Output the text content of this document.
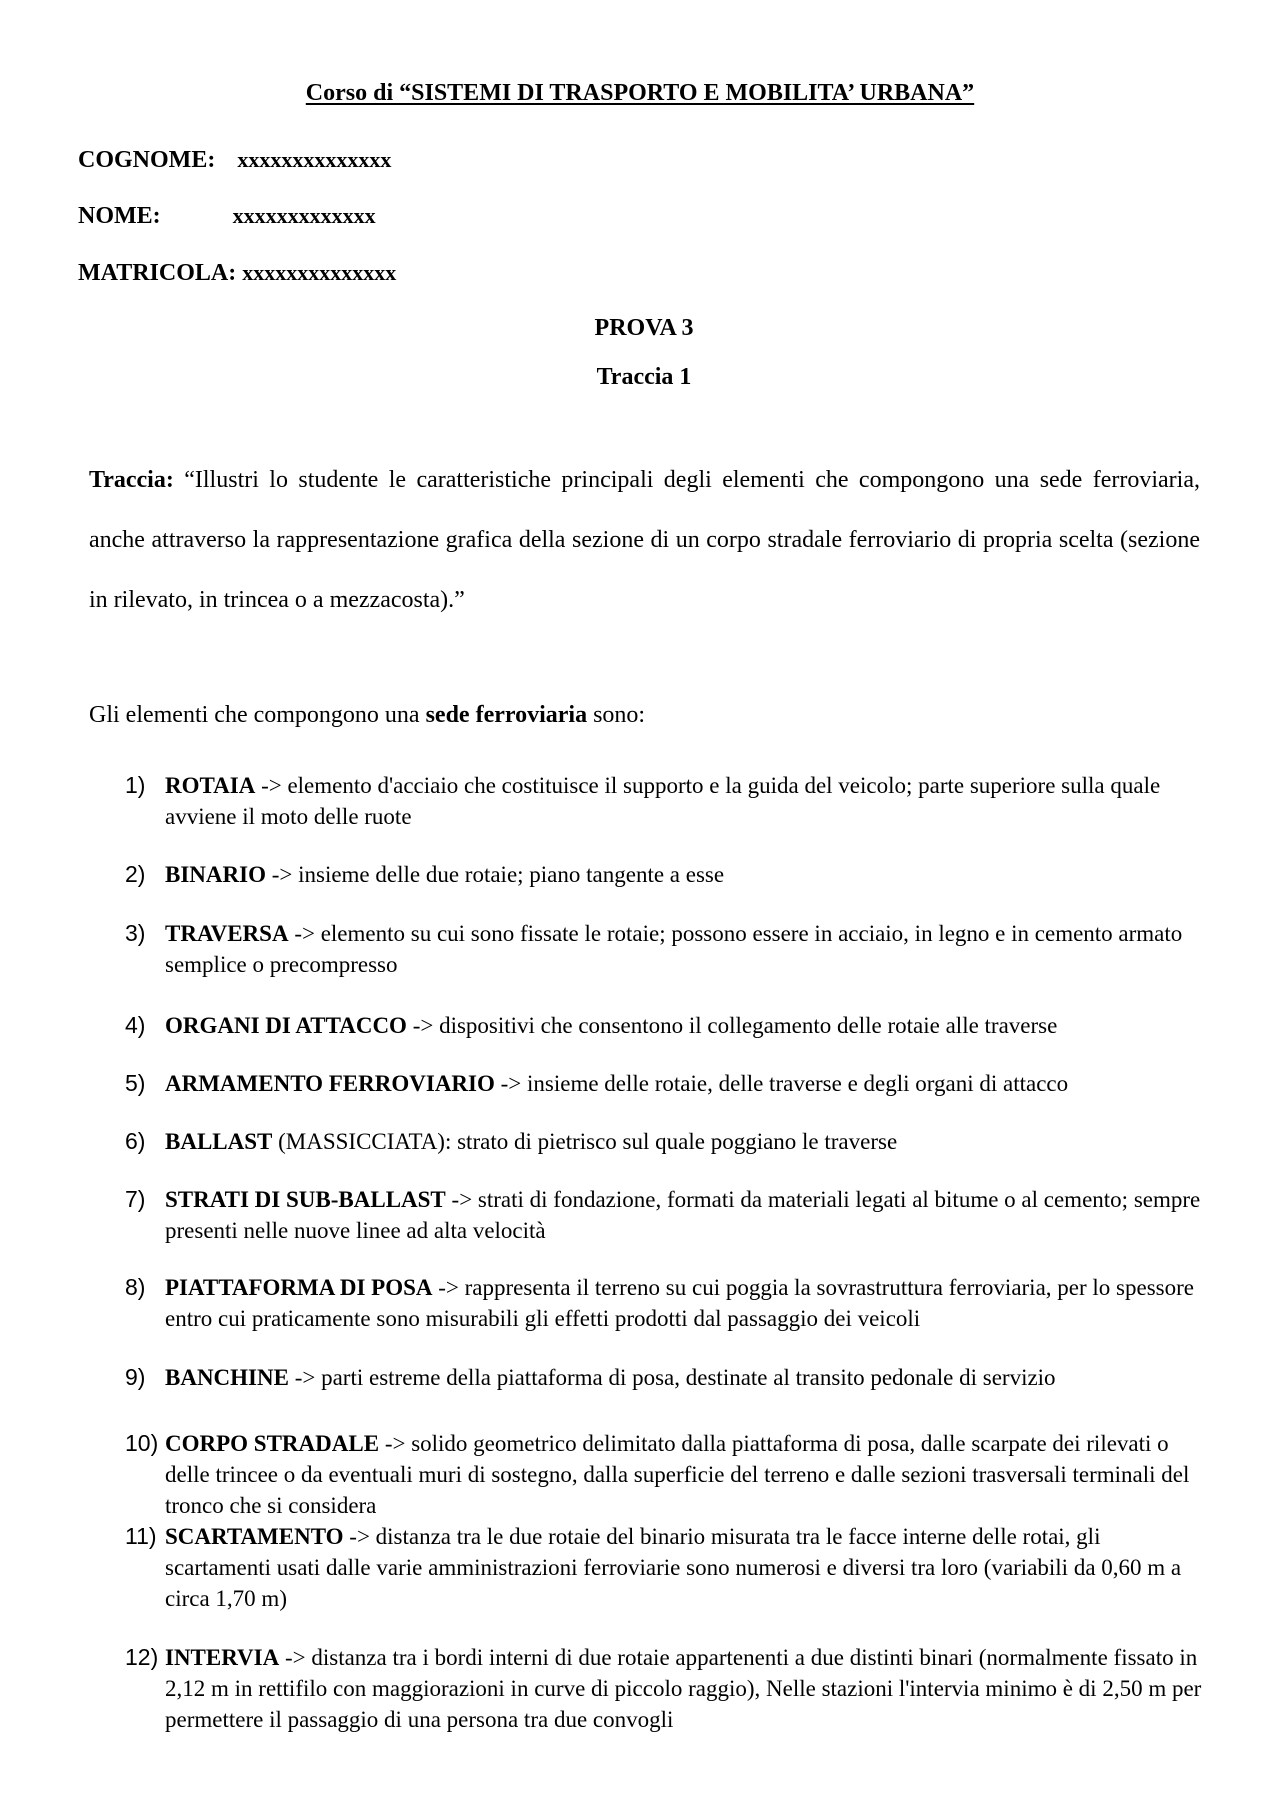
Corso di “SISTEMI DI TRASPORTO E MOBILITA’ URBANA”
COGNOME: xxxxxxxxxxxxxx
NOME:	xxxxxxxxxxxxx
MATRICOLA: xxxxxxxxxxxxxx
PROVA 3
Traccia 1
Traccia: “Illustri lo studente le caratteristiche principali degli elementi che compongono una sede ferroviaria, anche attraverso la rappresentazione grafica della sezione di un corpo stradale ferroviario di propria scelta (sezione in rilevato, in trincea o a mezzacosta).”
Gli elementi che compongono una sede ferroviaria sono:
1) ROTAIA -> elemento d'acciaio che costituisce il supporto e la guida del veicolo; parte superiore sulla quale avviene il moto delle ruote
2) BINARIO -> insieme delle due rotaie; piano tangente a esse
3) TRAVERSA -> elemento su cui sono fissate le rotaie; possono essere in acciaio, in legno e in cemento armato semplice o precompresso
4) ORGANI DI ATTACCO -> dispositivi che consentono il collegamento delle rotaie alle traverse
5) ARMAMENTO FERROVIARIO -> insieme delle rotaie, delle traverse e degli organi di attacco
6) BALLAST (MASSICCIATA): strato di pietrisco sul quale poggiano le traverse
7) STRATI DI SUB-BALLAST -> strati di fondazione, formati da materiali legati al bitume o al cemento; sempre presenti nelle nuove linee ad alta velocità
8) PIATTAFORMA DI POSA -> rappresenta il terreno su cui poggia la sovrastruttura ferroviaria, per lo spessore entro cui praticamente sono misurabili gli effetti prodotti dal passaggio dei veicoli
9) BANCHINE -> parti estreme della piattaforma di posa, destinate al transito pedonale di servizio
10) CORPO STRADALE -> solido geometrico delimitato dalla piattaforma di posa, dalle scarpate dei rilevati o delle trincee o da eventuali muri di sostegno, dalla superficie del terreno e dalle sezioni trasversali terminali del tronco che si considera
11) SCARTAMENTO -> distanza tra le due rotaie del binario misurata tra le facce interne delle rotai, gli scartamenti usati dalle varie amministrazioni ferroviarie sono numerosi e diversi tra loro (variabili da 0,60 m a circa 1,70 m)
12) INTERVIA -> distanza tra i bordi interni di due rotaie appartenenti a due distinti binari (normalmente fissato in 2,12 m in rettifilo con maggiorazioni in curve di piccolo raggio), Nelle stazioni l'intervia minimo è di 2,50 m per permettere il passaggio di una persona tra due convogli
